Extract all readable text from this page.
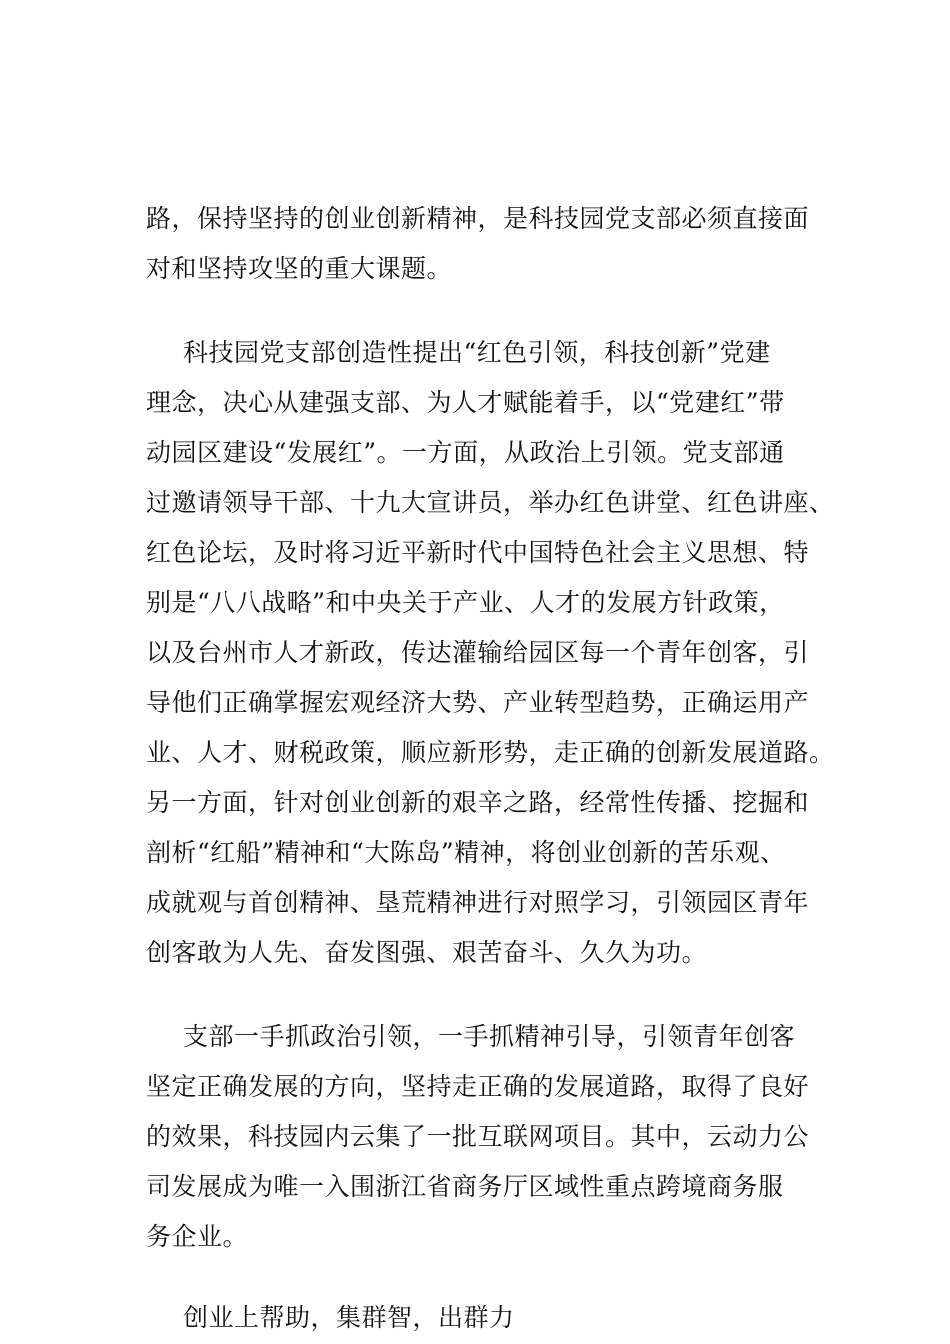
路，保持坚持的创业创新精神，是科技园党支部必须直接面

对和坚持攻坚的重大课题。

科技园党支部创造性提出“红色引领，科技创新”党建

理念，决心从建强支部、为人才赋能着手，以“党建红”带

动园区建设“发展红”。一方面，从政治上引领。党支部通

过邀请领导干部、十九大宣讲员，举办红色讲堂、红色讲座、

红色论坛，及时将习近平新时代中国特色社会主义思想、特

别是“八八战略”和中央关于产业、人才的发展方针政策，

以及台州市人才新政，传达灌输给园区每一个青年创客，引

导他们正确掌握宏观经济大势、产业转型趋势，正确运用产

业、人才、财税政策，顺应新形势，走正确的创新发展道路。

另一方面，针对创业创新的艰辛之路，经常性传播、挖掘和

剖析“红船”精神和“大陈岛”精神，将创业创新的苦乐观、

成就观与首创精神、垦荒精神进行对照学习，引领园区青年

创客敢为人先、奋发图强、艰苦奋斗、久久为功。

支部一手抓政治引领，一手抓精神引导，引领青年创客

坚定正确发展的方向，坚持走正确的发展道路，取得了良好

的效果，科技园内云集了一批互联网项目。其中，云动力公

司发展成为唯一入围浙江省商务厅区域性重点跨境商务服

务企业。

创业上帮助，集群智，出群力
